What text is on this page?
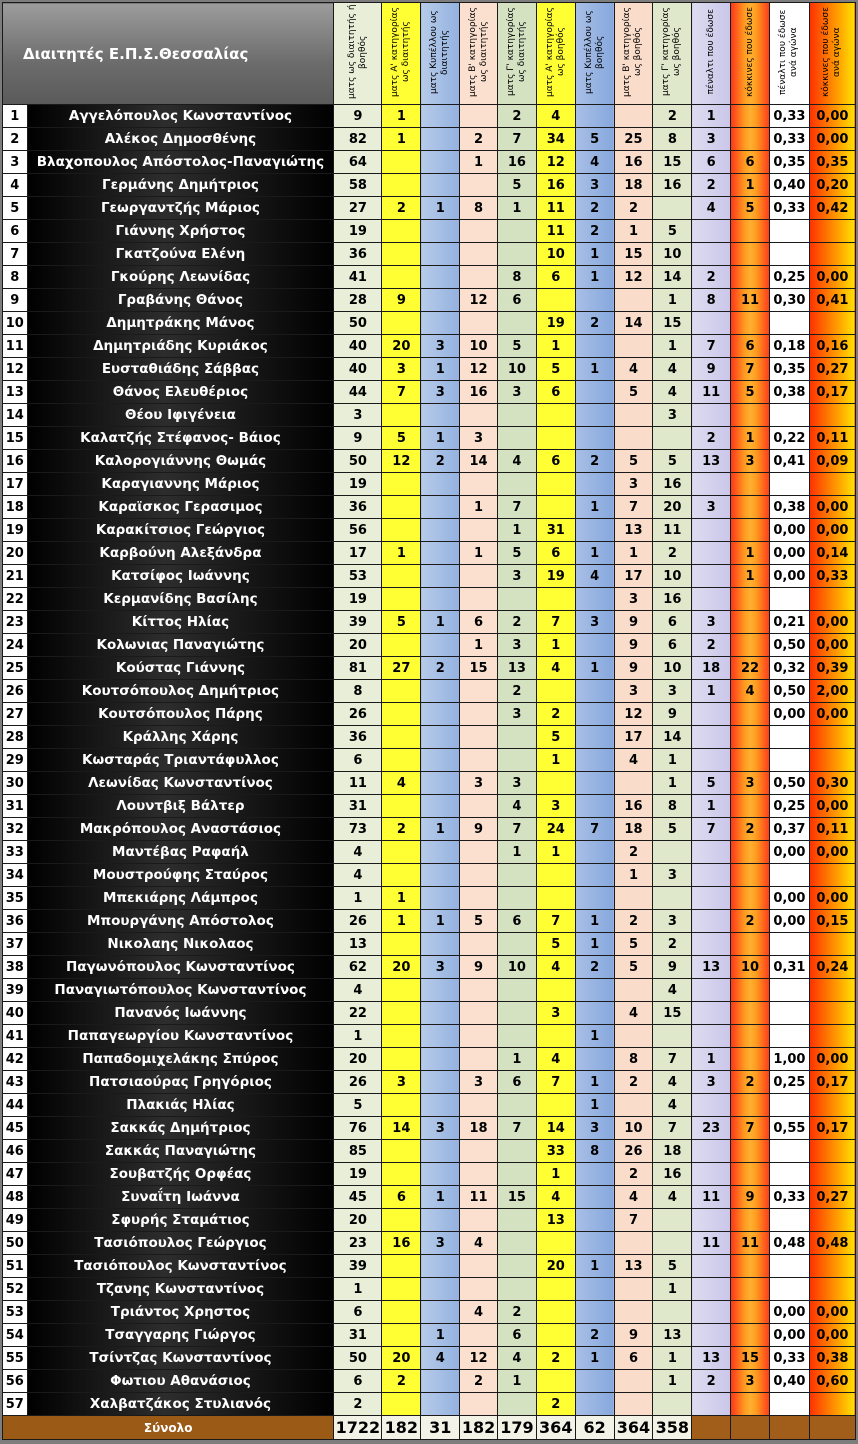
Διαιτητές Ε.Π.Σ.Θεσσαλίας		ματς ως διαιτητής ή βοηθός	ματς Α' κατηγορίας ως διαιτητής	ματς Κυπέλλου ως διαιτητής	ματς Β' κατηγορίας ως διαιτητής	ματς Γ' κατηγορίας ως διαιτητής	ματς Α' κατηγορίας ως βοηθός	ματς Κυπέλλου ως βοηθός	ματς Β' κατηγορίας ως βοηθός	ματς Γ' κατηγορίας ως βοηθός	πέναλτι που έδωσε	κόκκινες που έδωσε	πέναλτι που έδωσε ανά αγώνα	κόκκινες που έδωσε ανά αγώνα
1	Αγγελόπουλος Κωνσταντίνος	9	1			2	4			2	1		0,33	0,00
2	Αλέκος Δημοσθένης	82	1		2	7	34	5	25	8	3		0,33	0,00
3	Βλαχοπουλος Απόστολος-Παναγιώτης	64			1	16	12	4	16	15	6	6	0,35	0,35
4	Γερμάνης Δημήτριος	58				5	16	3	18	16	2	1	0,40	0,20
5	Γεωργαντζής Μάριος	27	2	1	8	1	11	2	2		4	5	0,33	0,42
6	Γιάννης Χρήστος	19					11	2	1	5				
7	Γκατζούνα Ελένη	36					10	1	15	10				
8	Γκούρης Λεωνίδας	41				8	6	1	12	14	2		0,25	0,00
9	Γραβάνης Θάνος	28	9		12	6				1	8	11	0,30	0,41
10	Δημητράκης Μάνος	50					19	2	14	15				
11	Δημητριάδης Κυριάκος	40	20	3	10	5	1			1	7	6	0,18	0,16
12	Ευσταθιάδης Σάββας	40	3	1	12	10	5	1	4	4	9	7	0,35	0,27
13	Θάνος Ελευθέριος	44	7	3	16	3	6		5	4	11	5	0,38	0,17
14	Θέου Ιφιγένεια	3								3				
15	Καλατζής Στέφανος- Βάιος	9	5	1	3						2	1	0,22	0,11
16	Καλορογιάννης Θωμάς	50	12	2	14	4	6	2	5	5	13	3	0,41	0,09
17	Καραγιαννης Μάριος	19							3	16				
18	Καραϊσκος Γερασιμος	36			1	7		1	7	20	3		0,38	0,00
19	Καρακίτσιος Γεώργιος	56				1	31		13	11			0,00	0,00
20	Καρβούνη Αλεξάνδρα	17	1		1	5	6	1	1	2		1	0,00	0,14
21	Κατσίφος Ιωάννης	53				3	19	4	17	10		1	0,00	0,33
22	Κερμανίδης Βασίλης	19							3	16				
23	Κίττος Ηλίας	39	5	1	6	2	7	3	9	6	3		0,21	0,00
24	Κολωνιας Παναγιώτης	20			1	3	1		9	6	2		0,50	0,00
25	Κούστας Γιάννης	81	27	2	15	13	4	1	9	10	18	22	0,32	0,39
26	Κουτσόπουλος Δημήτριος	8				2			3	3	1	4	0,50	2,00
27	Κουτσόπουλος Πάρης	26				3	2		12	9			0,00	0,00
28	Κράλλης Χάρης	36					5		17	14				
29	Κωσταράς Τριαντάφυλλος	6					1		4	1				
30	Λεωνίδας Κωνσταντίνος	11	4		3	3				1	5	3	0,50	0,30
31	Λουντβιξ Βάλτερ	31				4	3		16	8	1		0,25	0,00
32	Μακρόπουλος Αναστάσιος	73	2	1	9	7	24	7	18	5	7	2	0,37	0,11
33	Μαντέβας Ραφαήλ	4				1	1		2				0,00	0,00
34	Μουστρούφης Σταύρος	4							1	3				
35	Μπεκιάρης Λάμπρος	1	1										0,00	0,00
36	Μπουργάνης Απόστολος	26	1	1	5	6	7	1	2	3		2	0,00	0,15
37	Νικολαης Νικολαος	13					5	1	5	2				
38	Παγωνόπουλος Κωνσταντίνος	62	20	3	9	10	4	2	5	9	13	10	0,31	0,24
39	Παναγιωτόπουλος Κωνσταντίνος	4								4				
40	Πανανός Ιωάννης	22					3		4	15				
41	Παπαγεωργίου Κωνσταντίνος	1						1						
42	Παπαδομιχελάκης Σπύρος	20				1	4		8	7	1		1,00	0,00
43	Πατσιαούρας Γρηγόριος	26	3		3	6	7	1	2	4	3	2	0,25	0,17
44	Πλακιάς Ηλίας	5						1		4				
45	Σακκάς Δημήτριος	76	14	3	18	7	14	3	10	7	23	7	0,55	0,17
46	Σακκάς Παναγιώτης	85					33	8	26	18				
47	Σουβατζής Ορφέας	19					1		2	16				
48	Συναΐτη Ιωάννα	45	6	1	11	15	4		4	4	11	9	0,33	0,27
49	Σφυρής Σταμάτιος	20					13		7					
50	Τασιόπουλος Γεώργιος	23	16	3	4						11	11	0,48	0,48
51	Τασιόπουλος Κωνσταντίνος	39					20	1	13	5				
52	Τζανης Κωνσταντίνος	1								1				
53	Τριάντος Χρηστος	6			4	2							0,00	0,00
54	Τσαγγαρης Γιώργος	31		1		6		2	9	13			0,00	0,00
55	Τσίντζας Κωνσταντίνος	50	20	4	12	4	2	1	6	1	13	15	0,33	0,38
56	Φωτιου Αθανάσιος	6	2		2	1				1	2	3	0,40	0,60
57	Χαλβατζάκος Στυλιανός	2					2							
Σύνολο		1722	182	31	182	179	364	62	364	358				
